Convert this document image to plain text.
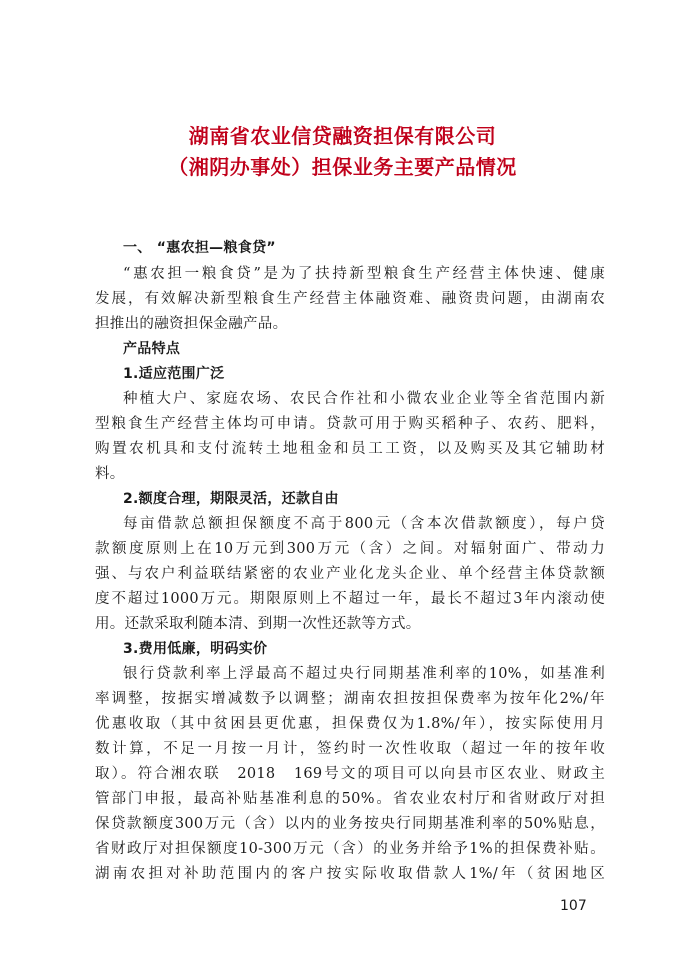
湖南省农业信贷融资担保有限公司
（湘阴办事处）担保业务主要产品情况

一、 “惠农担—粮食贷”

“惠农担一粮食贷”是为了扶持新型粮食生产经营主体快速、健康

发展，有效解决新型粮食生产经营主体融资难、融资贵问题，由湖南农

担推出的融资担保金融产品。

产品特点

1.适应范围广泛

种植大户、家庭农场、农民合作社和小微农业企业等全省范围内新

型粮食生产经营主体均可申请。贷款可用于购买稻种子、农药、肥料，

购置农机具和支付流转土地租金和员工工资，以及购买及其它辅助材

料。

2.额度合理，期限灵活，还款自由

每亩借款总额担保额度不高于800元（含本次借款额度），每户贷

款额度原则上在10万元到300万元（含）之间。对辐射面广、带动力

强、与农户利益联结紧密的农业产业化龙头企业、单个经营主体贷款额

度不超过1000万元。期限原则上不超过一年，最长不超过3年内滚动使

用。还款采取利随本清、到期一次性还款等方式。

3.费用低廉，明码实价

银行贷款利率上浮最高不超过央行同期基准利率的10%，如基准利

率调整，按据实增减数予以调整；湖南农担按担保费率为按年化2%/年

优惠收取（其中贫困县更优惠，担保费仅为1.8%/年），按实际使用月

数计算，不足一月按一月计，签约时一次性收取（超过一年的按年收

取）。符合湘农联　2018　169号文的项目可以向县市区农业、财政主

管部门申报，最高补贴基准利息的50%。省农业农村厅和省财政厅对担

保贷款额度300万元（含）以内的业务按央行同期基准利率的50%贴息，

省财政厅对担保额度10-300万元（含）的业务并给予1%的担保费补贴。

湖南农担对补助范围内的客户按实际收取借款人1%/年（贫困地区

107
